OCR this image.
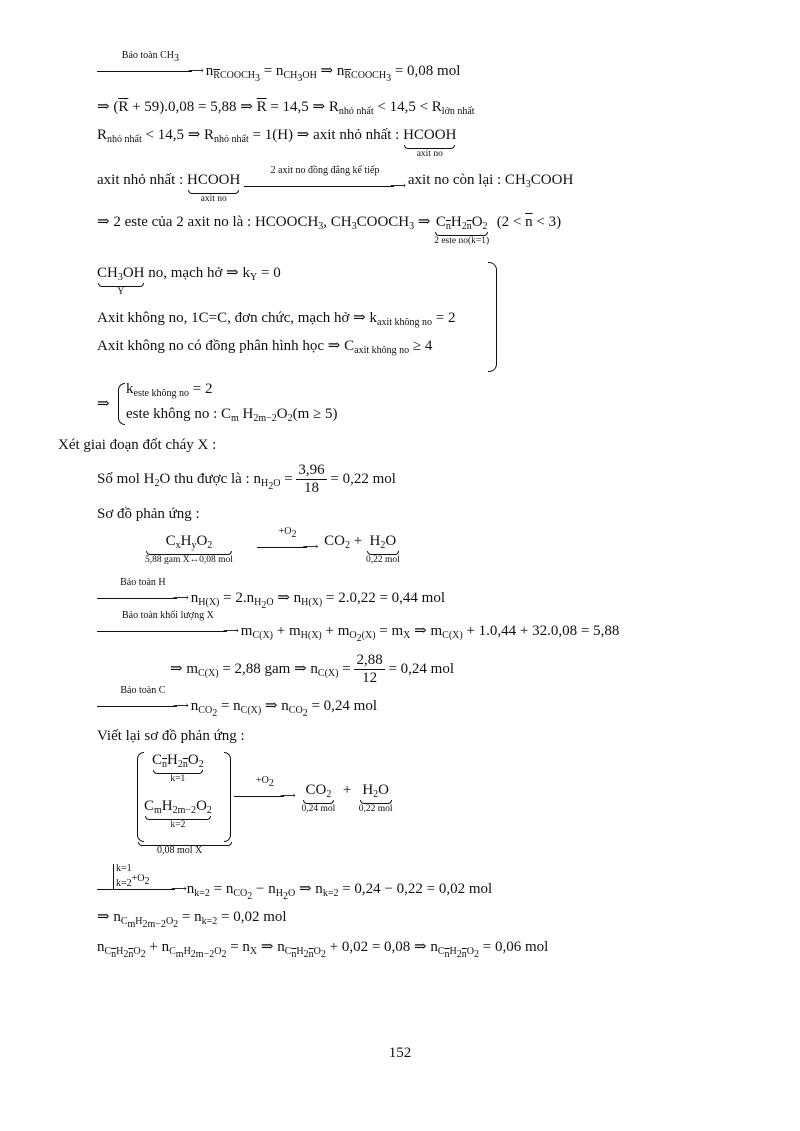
Bảo toàn $CH_3$
⟶ $n_{\overline{R}COOCH_3} = n_{CH_3OH}$ ⇒ $n_{\overline{R}COOCH_3} = 0,08$ mol
⇒ $(\overline{R} + 59).0,08 = 5,88$ ⇒ $\overline{R} = 14,5$ ⇒ $R_{nhỏ nhất} < 14,5 < R_{lớn nhất}$
$R_{nhỏ nhất} < 14,5$ ⇒ $R_{nhỏ nhất} = 1(H)$ ⇒ axit nhỏ nhất : HCOOH
axit no
axit nhỏ nhất : HCOOH
axit no

2 axit no đồng đẳng kế tiếp
⟶ axit no còn lại : $CH_3COOH$
⇒ 2 este của 2 axit no là : $HCOOCH_3$, $CH_3COOCH_3$ ⇒ $C_{\overline{n}}H_{2\overline{n}}O_2$
2 este no(k=1)
$(2 < \overline{n} < 3)$
$CH_3OH$
Y
no, mạch hở ⇒ $k_Y = 0$
Axit không no, 1C=C, đơn chức, mạch hở ⇒ $k_{axit không no} = 2$
Axit không no có đồng phân hình học ⇒ $C_{axit không no} \ge 4$
⇒
$k_{este không no} = 2$
este không no : $C_m$ $H_{2m-2}O_2(m \ge 5)$
Xét giai đoạn đốt cháy X :
Số mol $H_2O$ thu được là : $n_{H_2O} = \frac{3,96}{18} = 0,22$ mol
Sơ đồ phản ứng :
$C_xH_yO_2$
5,88 gam X↔0,08 mol

$+O_2$
⟶ $CO_2 + H_2O$
0,22 mol
Bảo toàn H
⟶ $n_{H(X)} = 2.n_{H_2O}$ ⇒ $n_{H(X)} = 2.0,22 = 0,44$ mol
Bảo toàn khối lượng X
⟶ $m_{C(X)} + m_{H(X)} + m_{O_2(X)} = m_X$ ⇒ $m_{C(X)} + 1.0,44 + 32.0,08 = 5,88$
⇒ $m_{C(X)} = 2,88$ gam ⇒ $n_{C(X)} = \frac{2,88}{12} = 0,24$ mol
Bảo toàn C
⟶ $n_{CO_2} = n_{C(X)}$ ⇒ $n_{CO_2} = 0,24$ mol
Viết lại sơ đồ phản ứng :
$C_{\overline{n}}H_{2\overline{n}}O_2$
k=1
$C_mH_{2m-2}O_2$
k=2
0,08 mol X
$+O_2$
⟶ $CO_2$
0,24 mol
+ $H_2O$
0,22 mol
k=1
$k=2+O_2$
$⟶n_{k=2} = n_{CO_2} - n_{H_2O}$ ⇒ $n_{k=2} = 0,24 - 0,22 = 0,02$ mol
⇒ $n_{C_mH_{2m-2}O_2} = n_{k=2} = 0,02$ mol
$n_{C_{\overline{n}}H_{2\overline{n}}O_2} + n_{C_mH_{2m-2}O_2} = n_X$ ⇒ $n_{C_{\overline{n}}H_{2\overline{n}}O_2} + 0,02 = 0,08$ ⇒ $n_{C_{\overline{n}}H_{2\overline{n}}O_2} = 0,06$ mol
152
